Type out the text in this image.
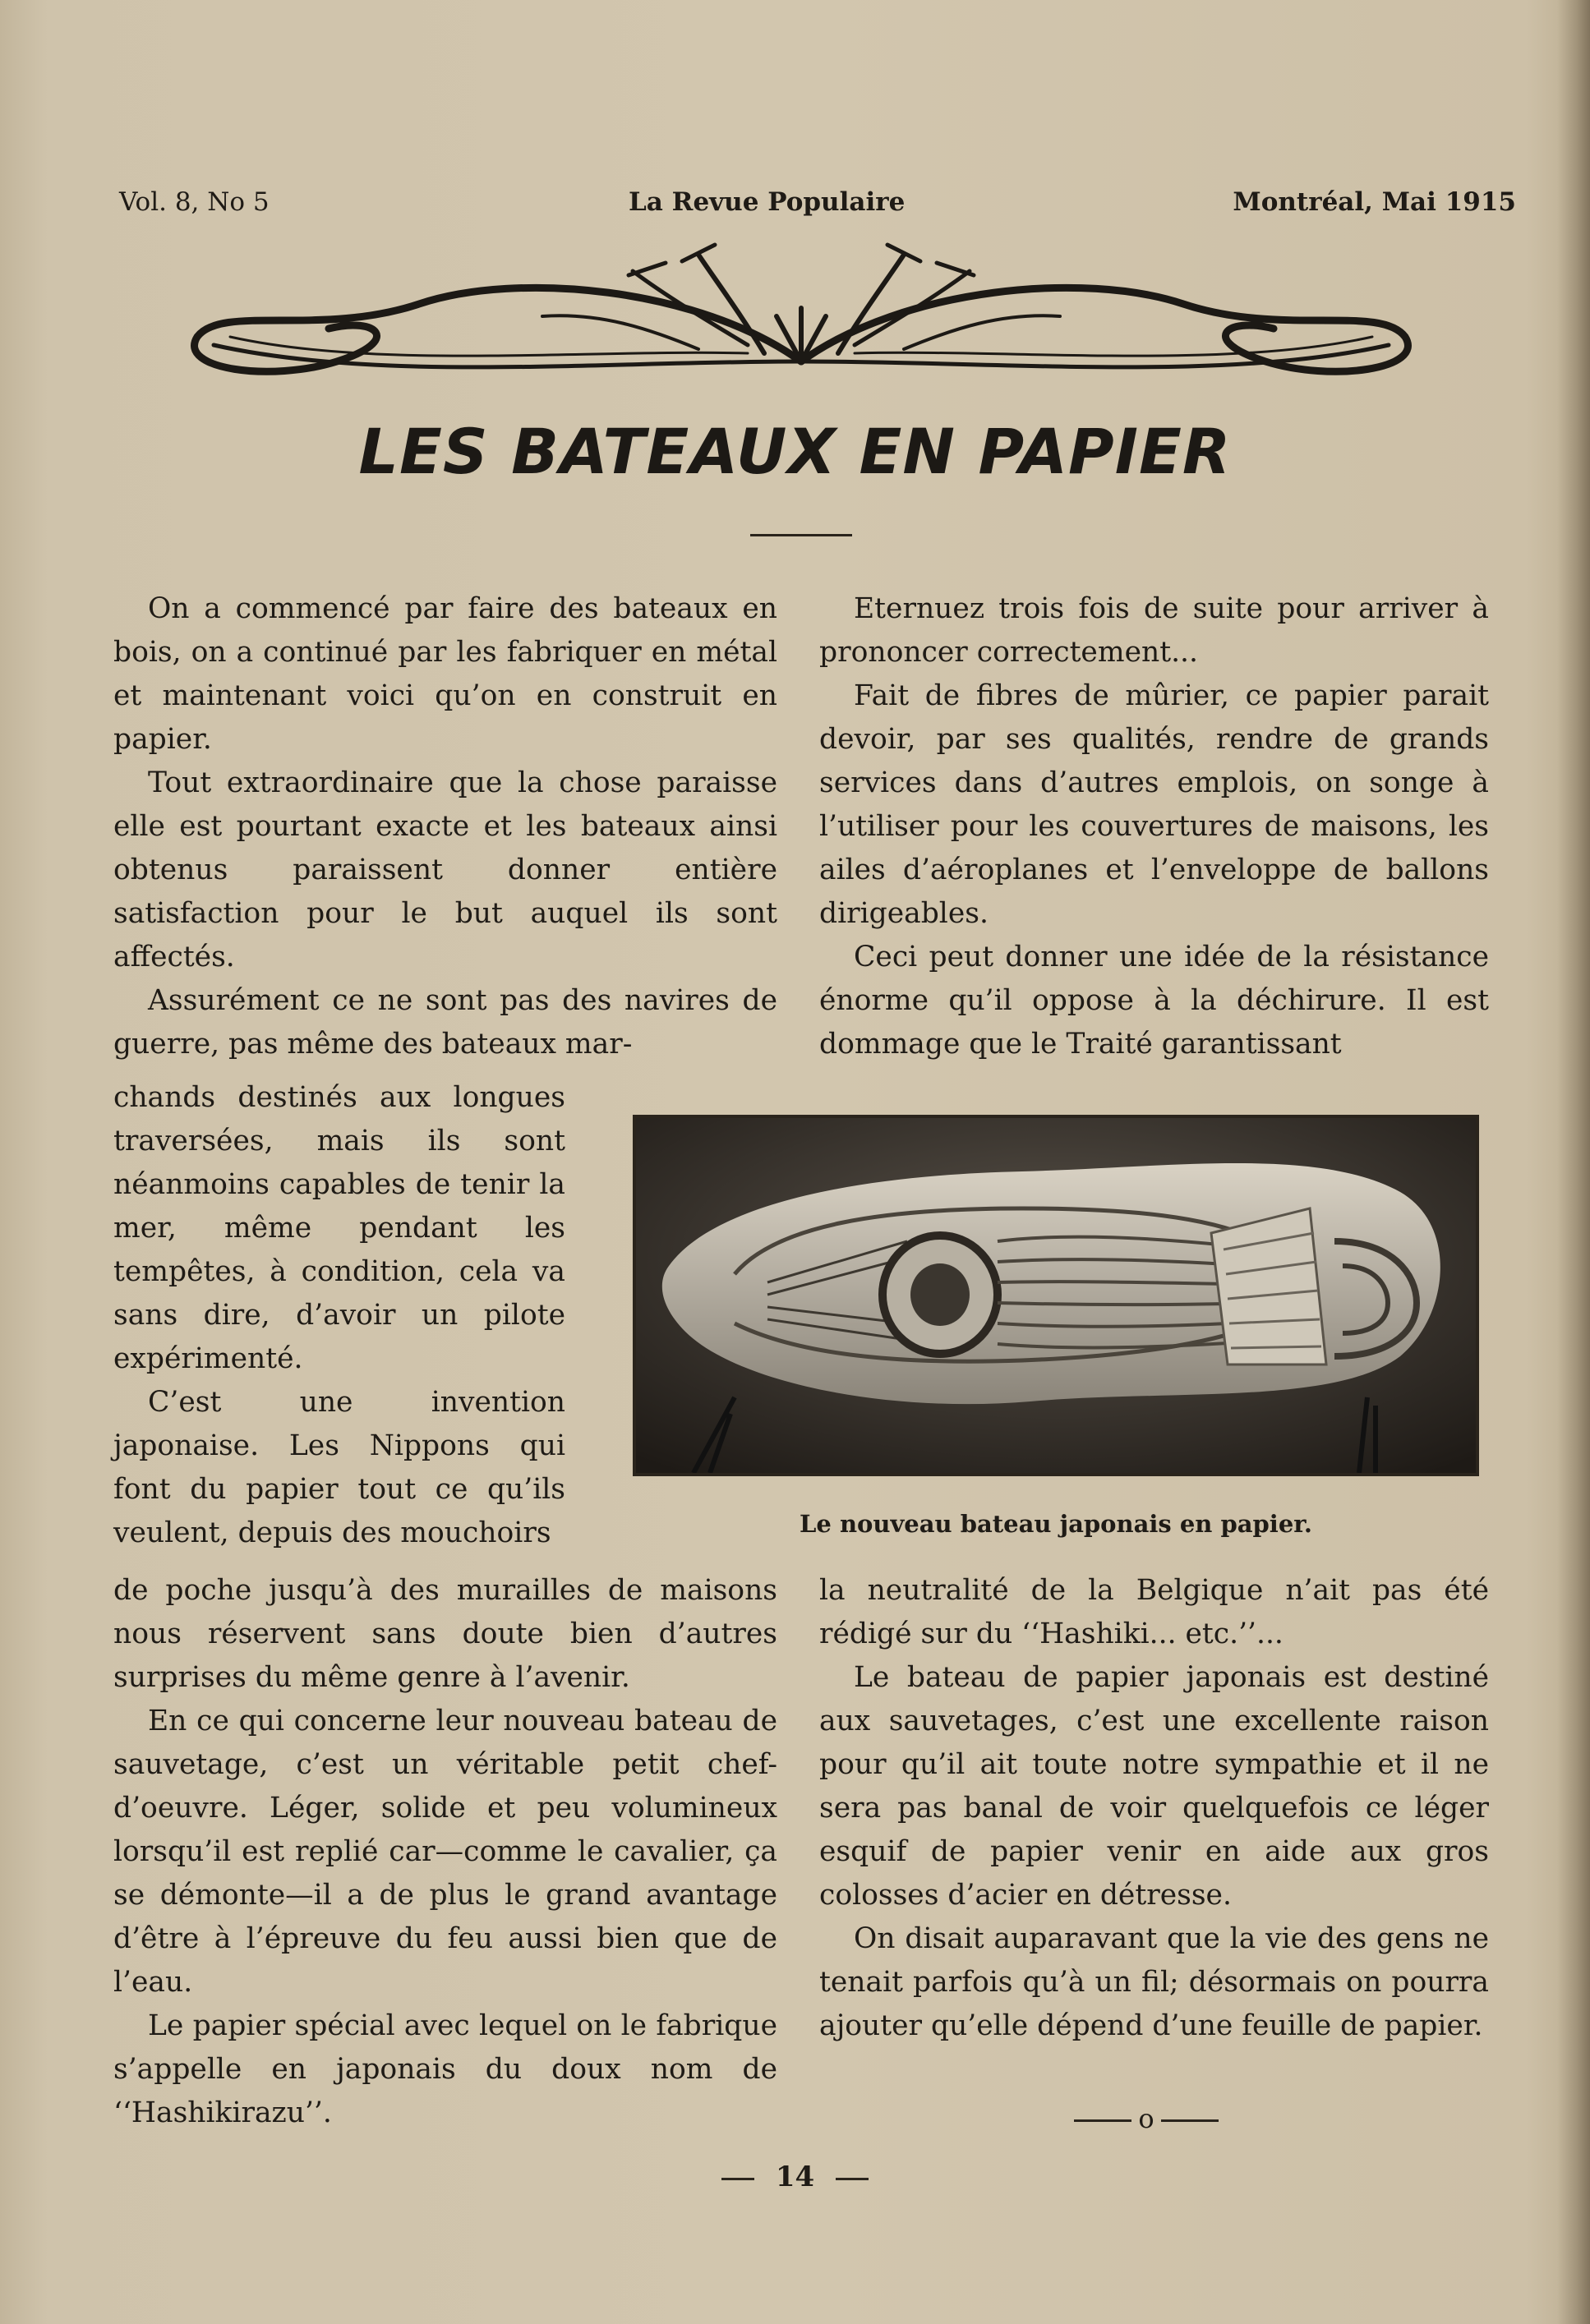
Vol. 8, No 5	La Revue Populaire	Montréal, Mai 1915
LES BATEAUX EN PAPIER

On a commencé par faire des bateaux en bois, on a continué par les fabriquer en métal et maintenant voici qu’on en construit en papier.

Tout extraordinaire que la chose paraisse elle est pourtant exacte et les bateaux ainsi obtenus paraissent donner entière satisfaction pour le but auquel ils sont affectés.

Assurément ce ne sont pas des navires de guerre, pas même des bateaux mar-

chands destinés aux longues traversées, mais ils sont néanmoins capables de tenir la mer, même pendant les tempêtes, à condition, cela va sans dire, d’avoir un pilote expérimenté.

C’est une invention japonaise. Les Nippons qui font du papier tout ce qu’ils veulent, depuis des mouchoirs

de poche jusqu’à des murailles de maisons nous réservent sans doute bien d’autres surprises du même genre à l’avenir.

En ce qui concerne leur nouveau bateau de sauvetage, c’est un véritable petit chef-d’oeuvre. Léger, solide et peu volumineux lorsqu’il est replié car—comme le cavalier, ça se démonte—il a de plus le grand avantage d’être à l’épreuve du feu aussi bien que de l’eau.

Le papier spécial avec lequel on le fabrique s’appelle en japonais du doux nom de ‘‘Hashikirazu’’.

Eternuez trois fois de suite pour arriver à prononcer correctement...

Fait de fibres de mûrier, ce papier parait devoir, par ses qualités, rendre de grands services dans d’autres emplois, on songe à l’utiliser pour les couvertures de maisons, les ailes d’aéroplanes et l’enveloppe de ballons dirigeables.

Ceci peut donner une idée de la résistance énorme qu’il oppose à la déchirure. Il est dommage que le Traité garantissant

Le nouveau bateau japonais en papier.

la neutralité de la Belgique n’ait pas été rédigé sur du ‘‘Hashiki... etc.’’...

Le bateau de papier japonais est destiné aux sauvetages, c’est une excellente raison pour qu’il ait toute notre sympathie et il ne sera pas banal de voir quelquefois ce léger esquif de papier venir en aide aux gros colosses d’acier en détresse.

On disait auparavant que la vie des gens ne tenait parfois qu’à un fil; désormais on pourra ajouter qu’elle dépend d’une feuille de papier.

o
14
